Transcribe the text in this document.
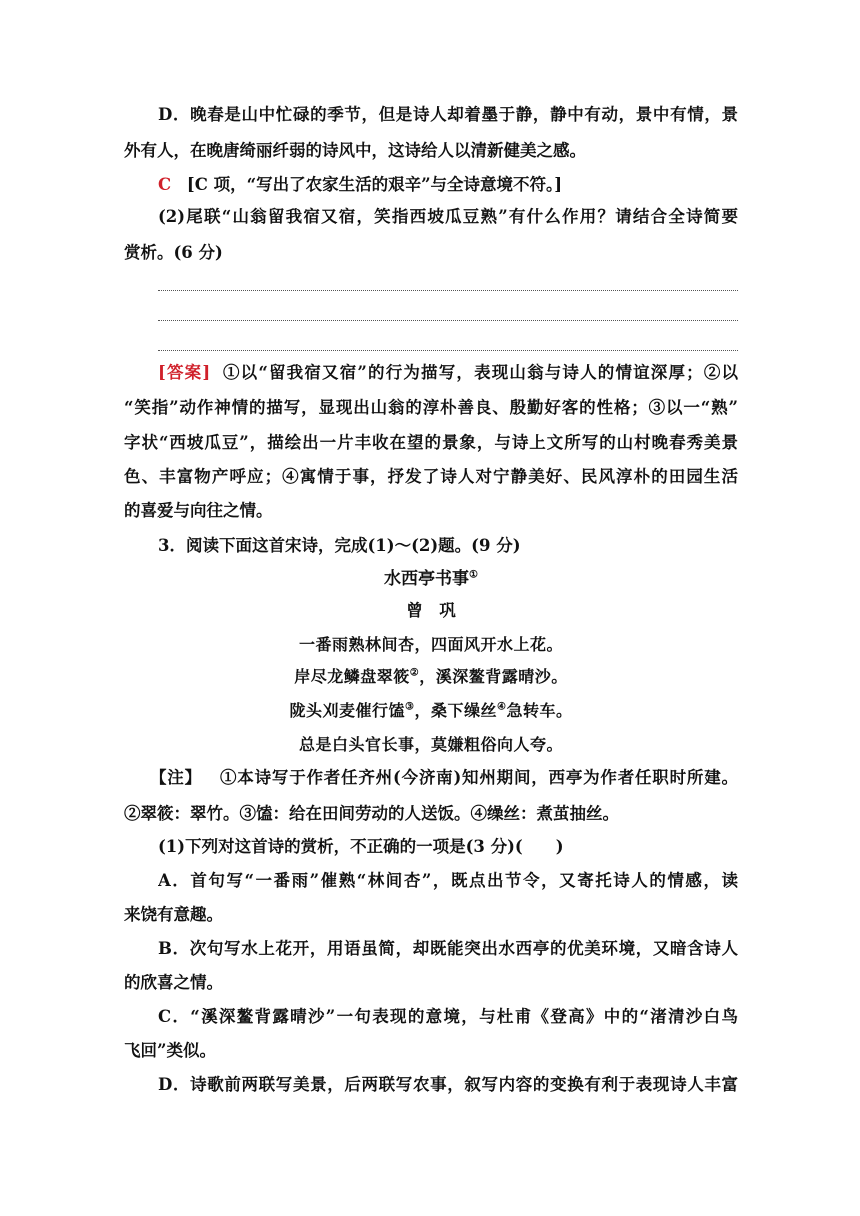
D．晚春是山中忙碌的季节，但是诗人却着墨于静，静中有动，景中有情，景
外有人，在晚唐绮丽纤弱的诗风中，这诗给人以清新健美之感。
C [C 项，“写出了农家生活的艰辛”与全诗意境不符。]
(2)尾联“山翁留我宿又宿，笑指西坡瓜豆熟”有什么作用？请结合全诗简要
赏析。(6 分)
[答案] ①以“留我宿又宿”的行为描写，表现山翁与诗人的情谊深厚；②以
“笑指”动作神情的描写，显现出山翁的淳朴善良、殷勤好客的性格；③以一“熟”
字状“西坡瓜豆”，描绘出一片丰收在望的景象，与诗上文所写的山村晚春秀美景
色、丰富物产呼应；④寓情于事，抒发了诗人对宁静美好、民风淳朴的田园生活
的喜爱与向往之情。
3．阅读下面这首宋诗，完成(1)～(2)题。(9 分)
水西亭书事①
曾　巩
一番雨熟林间杏，四面风开水上花。
岸尽龙鳞盘翠筱②，溪深鳌背露晴沙。
陇头刈麦催行馌③，桑下缲丝④急转车。
总是白头官长事，莫嫌粗俗向人夸。
【注】 ①本诗写于作者任齐州(今济南)知州期间，西亭为作者任职时所建。
②翠筱：翠竹。③馌：给在田间劳动的人送饭。④缲丝：煮茧抽丝。
(1)下列对这首诗的赏析，不正确的一项是(3 分)(　　)
A．首句写“一番雨”催熟“林间杏”，既点出节令，又寄托诗人的情感，读
来饶有意趣。
B．次句写水上花开，用语虽简，却既能突出水西亭的优美环境，又暗含诗人
的欣喜之情。
C．“溪深鳌背露晴沙”一句表现的意境，与杜甫《登高》中的“渚清沙白鸟
飞回”类似。
D．诗歌前两联写美景，后两联写农事，叙写内容的变换有利于表现诗人丰富
